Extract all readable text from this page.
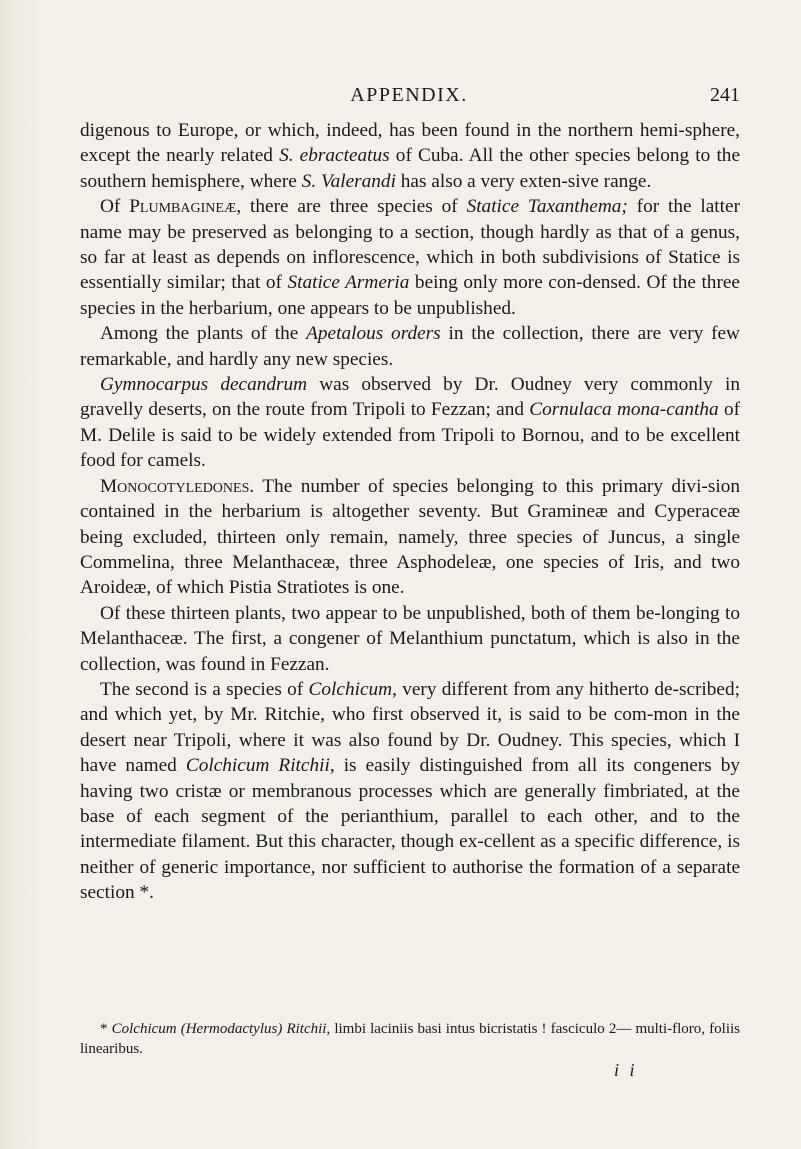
APPENDIX.	241

digenous to Europe, or which, indeed, has been found in the northern hemi-sphere, except the nearly related S. ebracteatus of Cuba. All the other species belong to the southern hemisphere, where S. Valerandi has also a very exten-sive range.

Of Plumbagineæ, there are three species of Statice Taxanthema; for the latter name may be preserved as belonging to a section, though hardly as that of a genus, so far at least as depends on inflorescence, which in both subdivisions of Statice is essentially similar; that of Statice Armeria being only more con-densed. Of the three species in the herbarium, one appears to be unpublished.

Among the plants of the Apetalous orders in the collection, there are very few remarkable, and hardly any new species.

Gymnocarpus decandrum was observed by Dr. Oudney very commonly in gravelly deserts, on the route from Tripoli to Fezzan; and Cornulaca mona-cantha of M. Delile is said to be widely extended from Tripoli to Bornou, and to be excellent food for camels.

Monocotyledones. The number of species belonging to this primary divi-sion contained in the herbarium is altogether seventy. But Gramineæ and Cyperaceæ being excluded, thirteen only remain, namely, three species of Juncus, a single Commelina, three Melanthaceæ, three Asphodeleæ, one species of Iris, and two Aroideæ, of which Pistia Stratiotes is one.

Of these thirteen plants, two appear to be unpublished, both of them be-longing to Melanthaceæ. The first, a congener of Melanthium punctatum, which is also in the collection, was found in Fezzan.

The second is a species of Colchicum, very different from any hitherto de-scribed; and which yet, by Mr. Ritchie, who first observed it, is said to be com-mon in the desert near Tripoli, where it was also found by Dr. Oudney. This species, which I have named Colchicum Ritchii, is easily distinguished from all its congeners by having two cristæ or membranous processes which are generally fimbriated, at the base of each segment of the perianthium, parallel to each other, and to the intermediate filament. But this character, though ex-cellent as a specific difference, is neither of generic importance, nor sufficient to authorise the formation of a separate section *.

* Colchicum (Hermodactylus) Ritchii, limbi laciniis basi intus bicristatis ! fasciculo 2— multi-floro, foliis linearibus.
i i
